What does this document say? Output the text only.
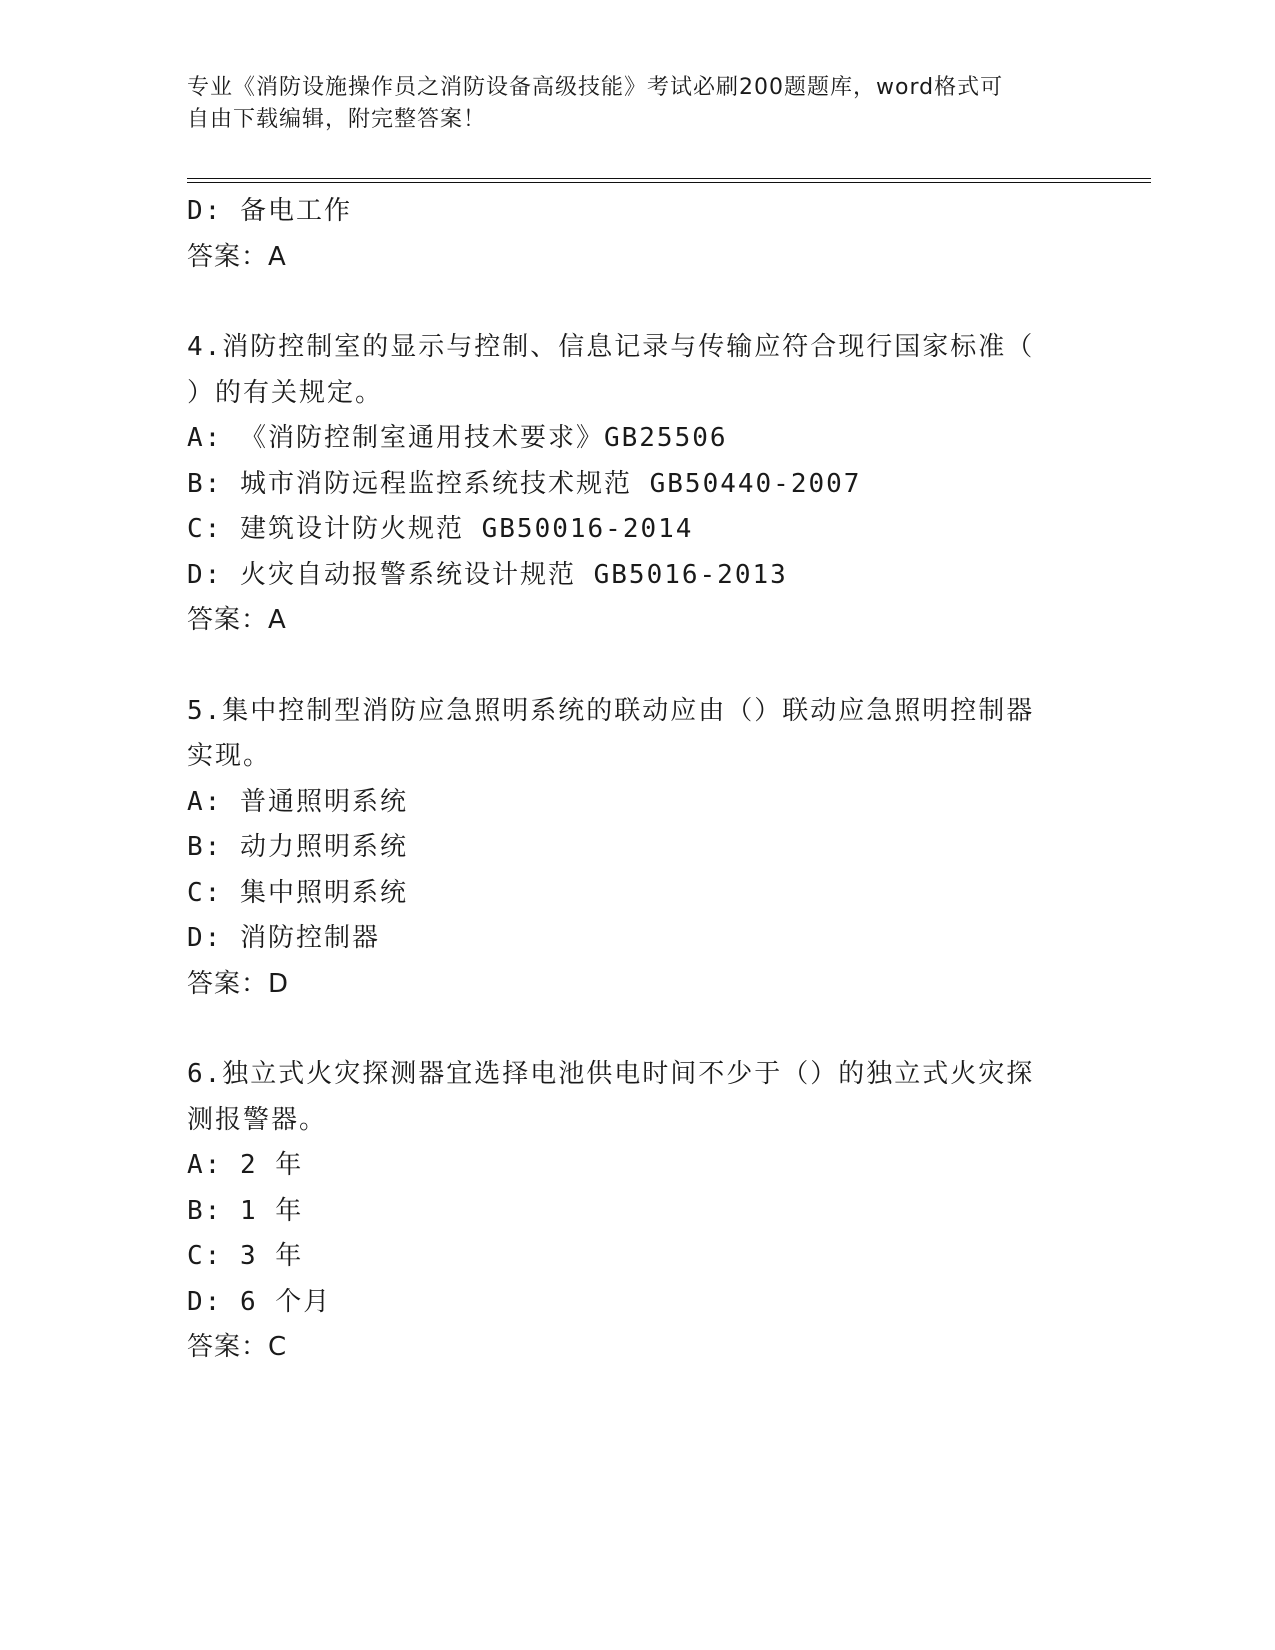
专业《消防设施操作员之消防设备高级技能》考试必刷200题题库，word格式可
自由下载编辑，附完整答案！
D: 备电工作
答案：A
4.消防控制室的显示与控制、信息记录与传输应符合现行国家标准（
）的有关规定。
A: 《消防控制室通用技术要求》GB25506
B: 城市消防远程监控系统技术规范 GB50440-2007
C: 建筑设计防火规范 GB50016-2014
D: 火灾自动报警系统设计规范 GB5016-2013
答案：A
5.集中控制型消防应急照明系统的联动应由（）联动应急照明控制器
实现。
A: 普通照明系统
B: 动力照明系统
C: 集中照明系统
D: 消防控制器
答案：D
6.独立式火灾探测器宜选择电池供电时间不少于（）的独立式火灾探
测报警器。
A: 2 年
B: 1 年
C: 3 年
D: 6 个月
答案：C
